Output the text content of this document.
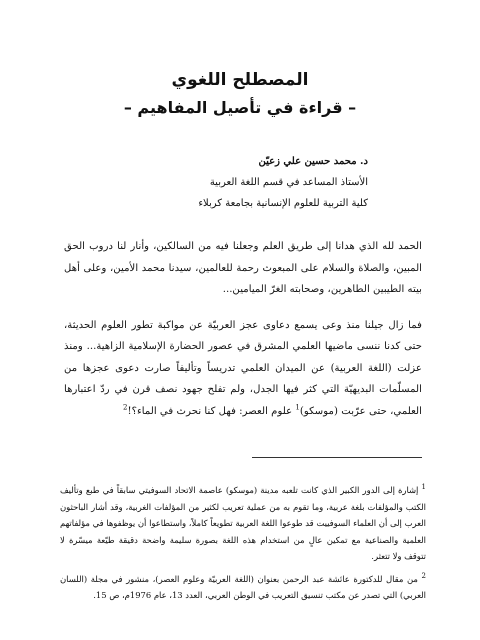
المصطلح اللغوي
– قراءة في تأصيل المفاهيم –
د. محمد حسين علي زعيّن
الأستاذ المساعد في قسم اللغة العربية
كلية التربية للعلوم الإنسانية بجامعة كربلاء

الحمد لله الذي هدانا إلى طريق العلم وجعلنا فيه من السالكين، وأنار لنا دروب الحق المبين، والصلاة والسلام على المبعوث رحمة للعالمين، سيدنا محمد الأمين، وعلى أهل بيته الطيبين الطاهرين، وصحابته الغرّ الميامين...

فما زال جيلنا منذ وعى يسمع دعاوى عجز العربيّة عن مواكبة تطور العلوم الحديثة، حتى كدنا ننسى ماضيها العلمي المشرق في عصور الحضارة الإسلامية الزاهية... ومنذ عزلت (اللغة العربية) عن الميدان العلمي تدريساً وتأليفاً صارت دعوى عجزها من المسلّمات البديهيّة التي كثر فيها الجدل، ولم تفلح جهود نصف قرن في ردّ اعتبارها العلمي، حتى عرّبت (موسكو)$^1$ علوم العصر: فهل كنا نحرث في الماء؟!$^2$

$^1$ إشارة إلى الدور الكبير الذي كانت تلعبه مدينة (موسكو) عاصمة الاتحاد السوفيتي سابقاً في طبع وتأليف الكتب والمؤلفات بلغة عربية، وما تقوم به من عملية تعريب لكثير من المؤلفات الغربية، وقد أشار الباحثون العرب إلى أن العلماء السوفييت قد طوعوا اللغة العربية تطويعاً كاملاً، واستطاعوا أن يوظفوها في مؤلفاتهم العلمية والصناعية مع تمكين عالٍ من استخدام هذه اللغة بصورة سليمة واضحة دقيقة طيّعة ميسّرة لا تتوقف ولا تتعثر.

$^2$ من مقال للدكتورة عائشة عبد الرحمن بعنوان (اللغة العربيّة وعلوم العصر)، منشور في مجلة (اللسان العربي) التي تصدر عن مكتب تنسيق التعريب في الوطن العربي، العدد 13، عام 1976م، ص 15.
